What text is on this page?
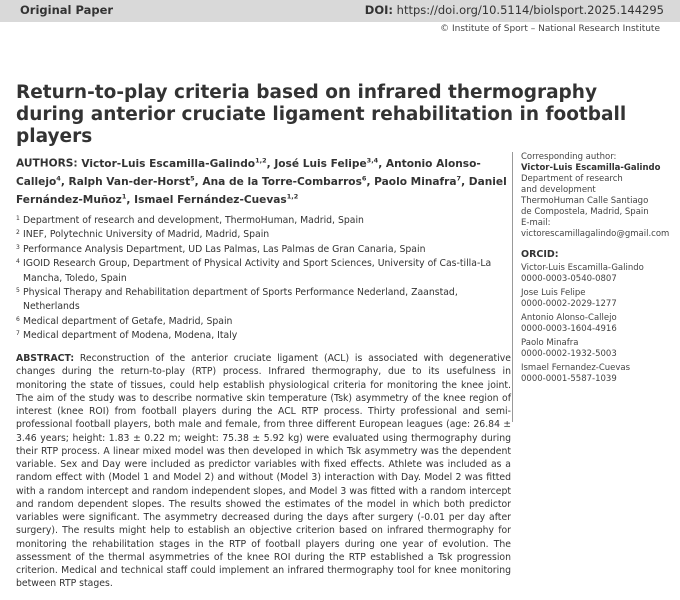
Original Paper	DOI: https://doi.org/10.5114/biolsport.2025.144295
© Institute of Sport – National Research Institute
Return-to-play criteria based on infrared thermography during anterior cruciate ligament rehabilitation in football players
AUTHORS: Victor-Luis Escamilla-Galindo$^{1,2}$, José Luis Felipe$^{3,4}$, Antonio Alonso-Callejo$^4$, Ralph Van-der-Horst$^5$, Ana de la Torre-Combarros$^6$, Paolo Minafra$^7$, Daniel Fernández-Muñoz$^1$, Ismael Fernández-Cuevas$^{1,2}$
1 Department of research and development, ThermoHuman, Madrid, Spain
2 INEF, Polytechnic University of Madrid, Madrid, Spain
3 Performance Analysis Department, UD Las Palmas, Las Palmas de Gran Canaria, Spain
4 IGOID Research Group, Department of Physical Activity and Sport Sciences, University of Cas-tilla-La Mancha, Toledo, Spain
5 Physical Therapy and Rehabilitation department of Sports Performance Nederland, Zaanstad, Netherlands
6 Medical department of Getafe, Madrid, Spain
7 Medical department of Modena, Modena, Italy
ABSTRACT: Reconstruction of the anterior cruciate ligament (ACL) is associated with degenerative changes during the return-to-play (RTP) process. Infrared thermography, due to its usefulness in monitoring the state of tissues, could help establish physiological criteria for monitoring the knee joint. The aim of the study was to describe normative skin temperature (Tsk) asymmetry of the knee region of interest (knee ROI) from football players during the ACL RTP process. Thirty professional and semi-professional football players, both male and female, from three different European leagues (age: 26.84 ± 3.46 years; height: 1.83 ± 0.22 m; weight: 75.38 ± 5.92 kg) were evaluated using thermography during their RTP process. A linear mixed model was then developed in which Tsk asymmetry was the dependent variable. Sex and Day were included as predictor variables with fixed effects. Athlete was included as a random effect with (Model 1 and Model 2) and without (Model 3) interaction with Day. Model 2 was fitted with a random intercept and random independent slopes, and Model 3 was fitted with a random intercept and random dependent slopes. The results showed the estimates of the model in which both predictor variables were significant. The asymmetry decreased during the days after surgery (-0.01 per day after surgery). The results might help to establish an objective criterion based on infrared thermography for monitoring the rehabilitation stages in the RTP of football players during one year of evolution. The assessment of the thermal asymmetries of the knee ROI during the RTP established a Tsk progression criterion. Medical and technical staff could implement an infrared thermography tool for knee monitoring between RTP stages.
Corresponding author:
Victor-Luis Escamilla-Galindo
Department of research
and development
ThermoHuman Calle Santiago
de Compostela, Madrid, Spain
E-mail:
victorescamillagalindo@gmail.com
ORCID:
Victor-Luis Escamilla-Galindo
0000-0003-0540-0807
Jose Luis Felipe
0000-0002-2029-1277
Antonio Alonso-Callejo
0000-0003-1604-4916
Paolo Minafra
0000-0002-1932-5003
Ismael Fernandez-Cuevas
0000-0001-5587-1039
